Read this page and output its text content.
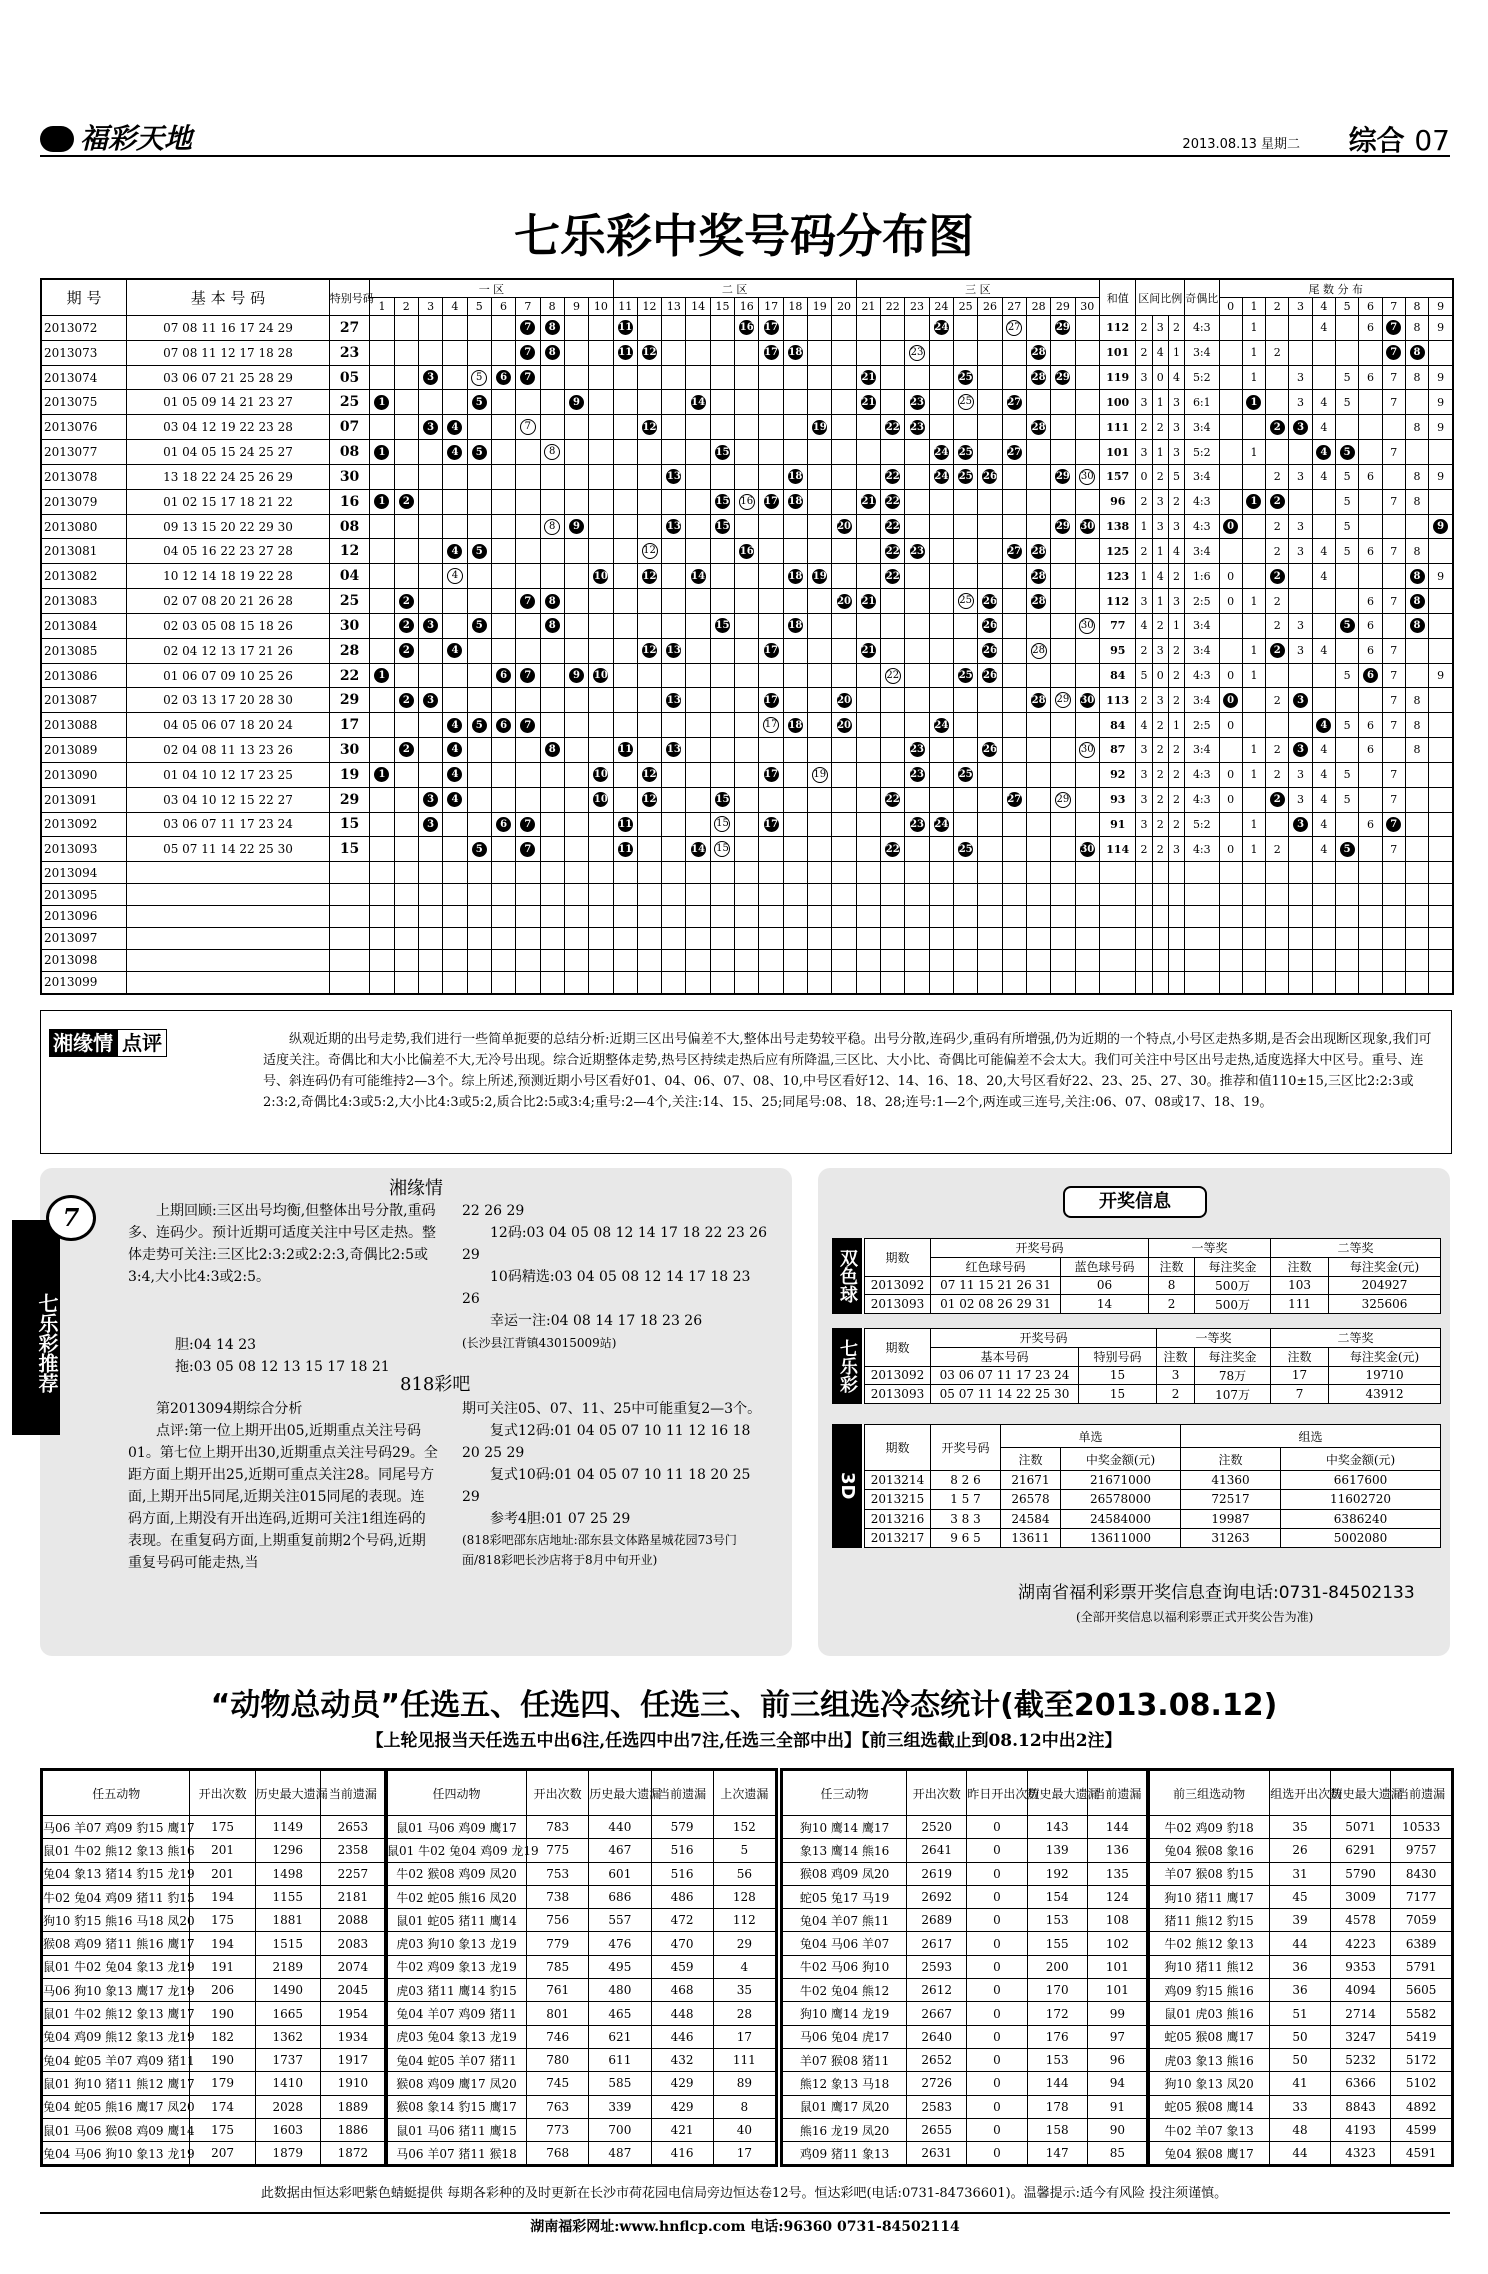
福彩天地	2013.08.13 星期二 综合 07
七乐彩中奖号码分布图
期 号	基 本 号 码	特别号码	一 区										二 区										三 区										和值	区间比例			奇偶比	尾 数 分 布									
			1	2	3	4	5	6	7	8	9	10	11	12	13	14	15	16	17	18	19	20	21	22	23	24	25	26	27	28	29	30						0	1	2	3	4	5	6	7	8	9
2013072	07 08 11 16 17 24 29	27							7	8			11					16	17							24			27		29		112	2	3	2	4:3		1			4		6	7	8	9
2013073	07 08 11 12 17 18 28	23							7	8			11	12					17	18					23					28			101	2	4	1	3:4		1	2					7	8	
2013074	03 06 07 21 25 28 29	05			3		5	6	7														21				25			28	29		119	3	0	4	5:2		1		3		5	6	7	8	9
2013075	01 05 09 14 21 23 27	25	1				5				9					14							21		23		25		27				100	3	1	3	6:1		1		3	4	5		7		9
2013076	03 04 12 19 22 23 28	07			3	4			7					12							19			22	23					28			111	2	2	3	3:4			2	3	4				8	9
2013077	01 04 05 15 24 25 27	08	1			4	5			8							15									24	25		27				101	3	1	3	5:2		1			4	5		7		
2013078	13 18 22 24 25 26 29	30													13					18				22		24	25	26			29	30	157	0	2	5	3:4			2	3	4	5	6		8	9
2013079	01 02 15 17 18 21 22	16	1	2													15	16	17	18			21	22									96	2	3	2	4:3		1	2			5		7	8	
2013080	09 13 15 20 22 29 30	08								8	9				13		15					20		22							29	30	138	1	3	3	4:3	0		2	3		5				9
2013081	04 05 16 22 23 27 28	12				4	5							12				16						22	23				27	28			125	2	1	4	3:4			2	3	4	5	6	7	8	
2013082	10 12 14 18 19 22 28	04				4						10		12		14				18	19			22						28			123	1	4	2	1:6	0		2		4				8	9
2013083	02 07 08 20 21 26 28	25		2					7	8												20	21				25	26		28			112	3	1	3	2:5	0	1	2				6	7	8	
2013084	02 03 05 08 15 18 26	30		2	3		5			8							15			18								26				30	77	4	2	1	3:4			2	3		5	6		8	
2013085	02 04 12 13 17 21 26	28		2		4								12	13				17				21					26		28			95	2	3	2	3:4		1	2	3	4		6	7		
2013086	01 06 07 09 10 25 26	22	1					6	7		9	10												22			25	26					84	5	0	2	4:3	0	1				5	6	7		9
2013087	02 03 13 17 20 28 30	29		2	3										13				17			20								28	29	30	113	2	3	2	3:4	0		2	3				7	8	
2013088	04 05 06 07 18 20 24	17				4	5	6	7										17	18		20				24							84	4	2	1	2:5	0				4	5	6	7	8	
2013089	02 04 08 11 13 23 26	30		2		4				8			11		13										23			26				30	87	3	2	2	3:4		1	2	3	4		6		8	
2013090	01 04 10 12 17 23 25	19	1			4						10		12					17		19				23		25						92	3	2	2	4:3	0	1	2	3	4	5		7		
2013091	03 04 10 12 15 22 27	29			3	4						10		12			15							22					27		29		93	3	2	2	4:3	0		2	3	4	5		7		
2013092	03 06 07 11 17 23 24	15			3			6	7				11				15		17						23	24							91	3	2	2	5:2		1		3	4		6	7		
2013093	05 07 11 14 22 25 30	15					5		7				11			14	15							22			25					30	114	2	2	3	4:3	0	1	2		4	5		7		
2013094																																															
2013095																																															
2013096																																															
2013097																																															
2013098																																															
2013099																																															
湘缘情 点评	纵观近期的出号走势,我们进行一些简单扼要的总结分析:近期三区出号偏差不大,整体出号走势较平稳。出号分散,连码少,重码有所增强,仍为近期的一个特点,小号区走热多期,是否会出现断区现象,我们可适度关注。奇偶比和大小比偏差不大,无冷号出现。综合近期整体走势,热号区持续走热后应有所降温,三区比、大小比、奇偶比可能偏差不会太大。我们可关注中号区出号走热,适度选择大中区号。重号、连号、斜连码仍有可能维持2—3个。综上所述,预测近期小号区看好01、04、06、07、08、10,中号区看好12、14、16、18、20,大号区看好22、23、25、27、30。推荐和值110±15,三区比2:2:3或2:3:2,奇偶比4:3或5:2,大小比4:3或5:2,质合比2:5或3:4;重号:2—4个,关注:14、15、25;同尾号:08、18、28;连号:1—2个,两连或三连号,关注:06、07、08或17、18、19。
湘缘情
七乐彩推荐
7	上期回顾:三区出号均衡,但整体出号分散,重码多、连码少。预计近期可适度关注中号区走热。整体走势可关注:三区比2:3:2或2:2:3,奇偶比2:5或3:4,大小比4:3或2:5。

胆:04 14 23

拖:03 05 08 12 13 15 17 18 21

22 26 29

12码:03 04 05 08 12 14 17 18 22 23 26 29

10码精选:03 04 05 08 12 14 17 18 23 26

幸运一注:04 08 14 17 18 23 26

(长沙县江背镇43015009站)

818彩吧

第2013094期综合分析

点评:第一位上期开出05,近期重点关注号码01。第七位上期开出30,近期重点关注号码29。全距方面上期开出25,近期可重点关注28。同尾号方面,上期开出5同尾,近期关注015同尾的表现。连码方面,上期没有开出连码,近期可关注1组连码的表现。在重复码方面,上期重复前期2个号码,近期重复号码可能走热,当

期可关注05、07、11、25中可能重复2—3个。

复式12码:01 04 05 07 10 11 12 16 18 20 25 29

复式10码:01 04 05 07 10 11 18 20 25 29

参考4胆:01 07 25 29

(818彩吧邵东店地址:邵东县文体路星城花园73号门面/818彩吧长沙店将于8月中旬开业)

开奖信息
双色球	期数	开奖号码		一等奖		二等奖	
	红色球号码	蓝色球号码	注数	每注奖金	注数	每注奖金(元)
2013092	07 11 15 21 26 31	06	8	500万	103	204927
2013093	01 02 08 26 29 31	14	2	500万	111	325606
七乐彩	期数	开奖号码		一等奖		二等奖	
	基本号码	特别号码	注数	每注奖金	注数	每注奖金(元)
2013092	03 06 07 11 17 23 24	15	3	78万	17	19710
2013093	05 07 11 14 22 25 30	15	2	107万	7	43912
3D
期数	开奖号码	单选		组选	
		注数	中奖金额(元)	注数	中奖金额(元)
2013214	8 2 6	21671	21671000	41360	6617600
2013215	1 5 7	26578	26578000	72517	11602720
2013216	3 8 3	24584	24584000	19987	6386240
2013217	9 6 5	13611	13611000	31263	5002080
湖南省福利彩票开奖信息查询电话:0731-84502133
(全部开奖信息以福利彩票正式开奖公告为准)
“动物总动员”任选五、任选四、任选三、前三组选冷态统计(截至2013.08.12)
【上轮见报当天任选五中出6注,任选四中出7注,任选三全部中出】【前三组选截止到08.12中出2注】
任五动物	开出次数	历史最大遗漏	当前遗漏
马06 羊07 鸡09 豹15 鹰17	175	1149	2653
鼠01 牛02 熊12 象13 熊16	201	1296	2358
兔04 象13 猪14 豹15 龙19	201	1498	2257
牛02 兔04 鸡09 猪11 豹15	194	1155	2181
狗10 豹15 熊16 马18 凤20	175	1881	2088
猴08 鸡09 猪11 熊16 鹰17	194	1515	2083
鼠01 牛02 兔04 象13 龙19	191	2189	2074
马06 狗10 象13 鹰17 龙19	206	1490	2045
鼠01 牛02 熊12 象13 鹰17	190	1665	1954
兔04 鸡09 熊12 象13 龙19	182	1362	1934
兔04 蛇05 羊07 鸡09 猪11	190	1737	1917
鼠01 狗10 猪11 熊12 鹰17	179	1410	1910
兔04 蛇05 熊16 鹰17 凤20	174	2028	1889
鼠01 马06 猴08 鸡09 鹰14	175	1603	1886
兔04 马06 狗10 象13 龙19	207	1879	1872
任四动物	开出次数	历史最大遗漏	当前遗漏	上次遗漏
鼠01 马06 鸡09 鹰17	783	440	579	152
鼠01 牛02 兔04 鸡09 龙19	775	467	516	5
牛02 猴08 鸡09 凤20	753	601	516	56
牛02 蛇05 熊16 凤20	738	686	486	128
鼠01 蛇05 猪11 鹰14	756	557	472	112
虎03 狗10 象13 龙19	779	476	470	29
牛02 鸡09 象13 龙19	785	495	459	4
虎03 猪11 鹰14 豹15	761	480	468	35
兔04 羊07 鸡09 猪11	801	465	448	28
虎03 兔04 象13 龙19	746	621	446	17
兔04 蛇05 羊07 猪11	780	611	432	111
猴08 鸡09 鹰17 凤20	745	585	429	89
猴08 象14 豹15 鹰17	763	339	429	8
鼠01 马06 猪11 鹰15	773	700	421	40
马06 羊07 猪11 猴18	768	487	416	17
任三动物	开出次数	昨日开出次数	历史最大遗漏	当前遗漏
狗10 鹰14 鹰17	2520	0	143	144
象13 鹰14 熊16	2641	0	139	136
猴08 鸡09 凤20	2619	0	192	135
蛇05 兔17 马19	2692	0	154	124
兔04 羊07 熊11	2689	0	153	108
兔04 马06 羊07	2617	0	155	102
牛02 马06 狗10	2593	0	200	101
牛02 兔04 熊12	2612	0	170	101
狗10 鹰14 龙19	2667	0	172	99
马06 兔04 虎17	2640	0	176	97
羊07 猴08 猪11	2652	0	153	96
熊12 象13 马18	2726	0	144	94
鼠01 鹰17 凤20	2583	0	178	91
熊16 龙19 凤20	2655	0	158	90
鸡09 猪11 象13	2631	0	147	85
前三组选动物	组选开出次数	历史最大遗漏	当前遗漏
牛02 鸡09 豹18	35	5071	10533
兔04 猴08 象16	26	6291	9757
羊07 猴08 豹15	31	5790	8430
狗10 猪11 鹰17	45	3009	7177
猪11 熊12 豹15	39	4578	7059
牛02 熊12 象13	44	4223	6389
狗10 猪11 熊12	36	9353	5791
鸡09 豹15 熊16	36	4094	5605
鼠01 虎03 熊16	51	2714	5582
蛇05 猴08 鹰17	50	3247	5419
虎03 象13 熊16	50	5232	5172
狗10 象13 凤20	41	6366	5102
蛇05 猴08 鹰14	33	8843	4892
牛02 羊07 象13	48	4193	4599
兔04 猴08 鹰17	44	4323	4591
此数据由恒达彩吧紫色蜻蜓提供 每期各彩种的及时更新在长沙市荷花园电信局旁边恒达卷12号。恒达彩吧(电话:0731-84736601)。温馨提示:适今有风险 投注须谨慎。
湖南福彩网址:www.hnflcp.com 电话:96360 0731-84502114
